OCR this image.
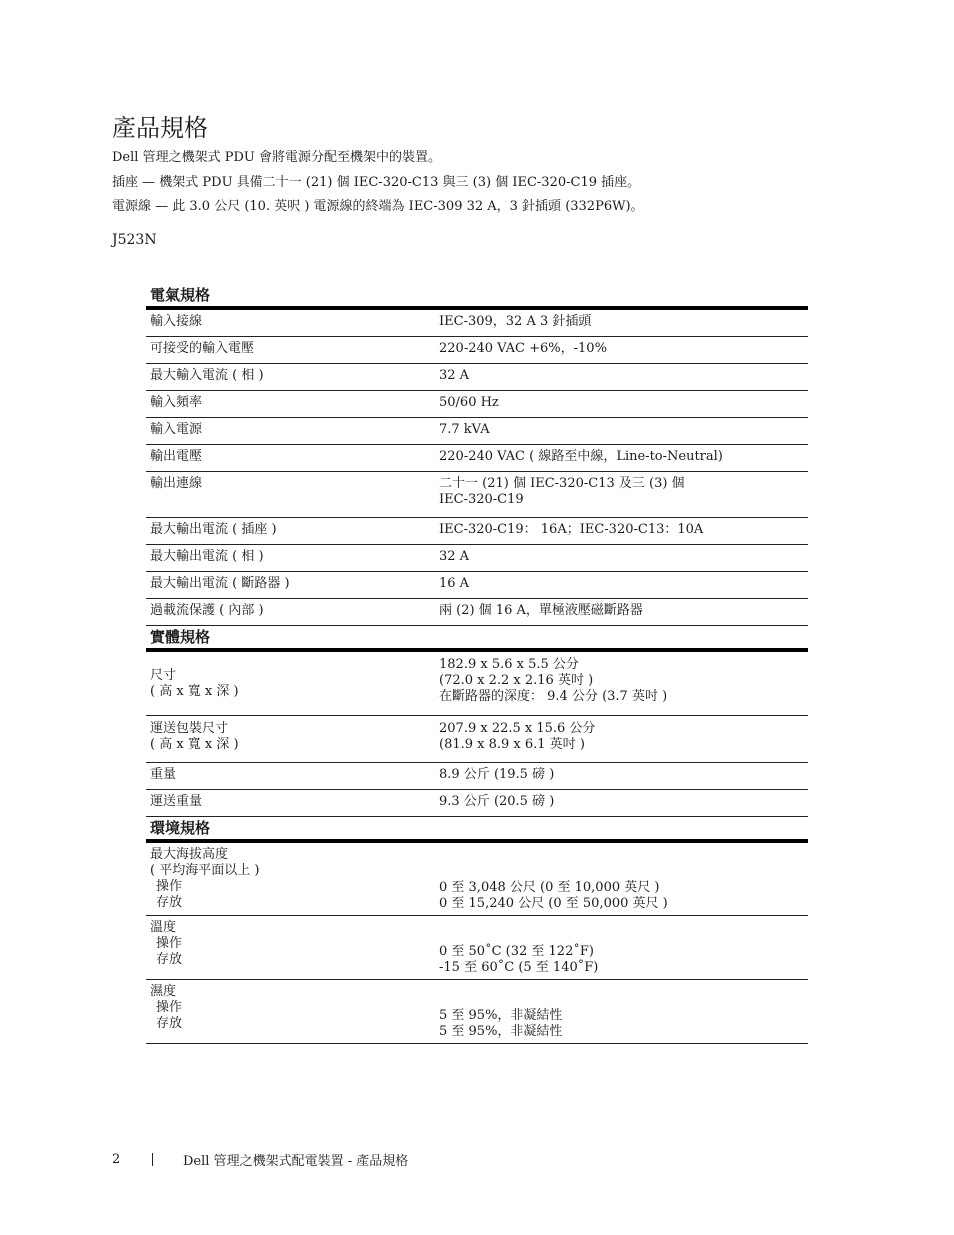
產品規格

Dell 管理之機架式 PDU 會將電源分配至機架中的裝置。

插座 — 機架式 PDU 具備二十一 (21) 個 IEC-320-C13 與三 (3) 個 IEC-320-C19 插座。

電源線 — 此 3.0 公尺 (10. 英呎 ) 電源線的終端為 IEC-309 32 A，3 針插頭 (332P6W)。

J523N
電氣規格	
輸入接線	IEC-309，32 A 3 針插頭
可接受的輸入電壓	220-240 VAC +6%，-10%
最大輸入電流 ( 相 )	32 A
輸入頻率	50/60 Hz
輸入電源	7.7 kVA
輸出電壓	220-240 VAC ( 線路至中線，Line-to-Neutral)
輸出連線	二十一 (21) 個 IEC-320-C13 及三 (3) 個
IEC-320-C19

最大輸出電流 ( 插座 )	IEC-320-C19： 16A；IEC-320-C13：10A
最大輸出電流 ( 相 )	32 A
最大輸出電流 ( 斷路器 )	16 A
過載流保護 ( 內部 )	兩 (2) 個 16 A，單極液壓磁斷路器
實體規格	

尺寸
( 高 x 寬 x 深 )	182.9 x 5.6 x 5.5 公分
(72.0 x 2.2 x 2.16 英吋 )
在斷路器的深度： 9.4 公分 (3.7 英吋 )

運送包裝尺寸
( 高 x 寬 x 深 )	207.9 x 22.5 x 15.6 公分
(81.9 x 8.9 x 6.1 英吋 )

重量	8.9 公斤 (19.5 磅 )
運送重量	9.3 公斤 (20.5 磅 )
環境規格	

最大海拔高度
( 平均海平面以上 )
操作
存放	0 至 3,048 公尺 (0 至 10,000 英尺 )
0 至 15,240 公尺 (0 至 50,000 英尺 )

溫度
操作
存放	0 至 50˚C (32 至 122˚F)
-15 至 60˚C (5 至 140˚F)

濕度
操作
存放	5 至 95%，非凝結性
5 至 95%，非凝結性
2	Dell 管理之機架式配電裝置 - 產品規格
